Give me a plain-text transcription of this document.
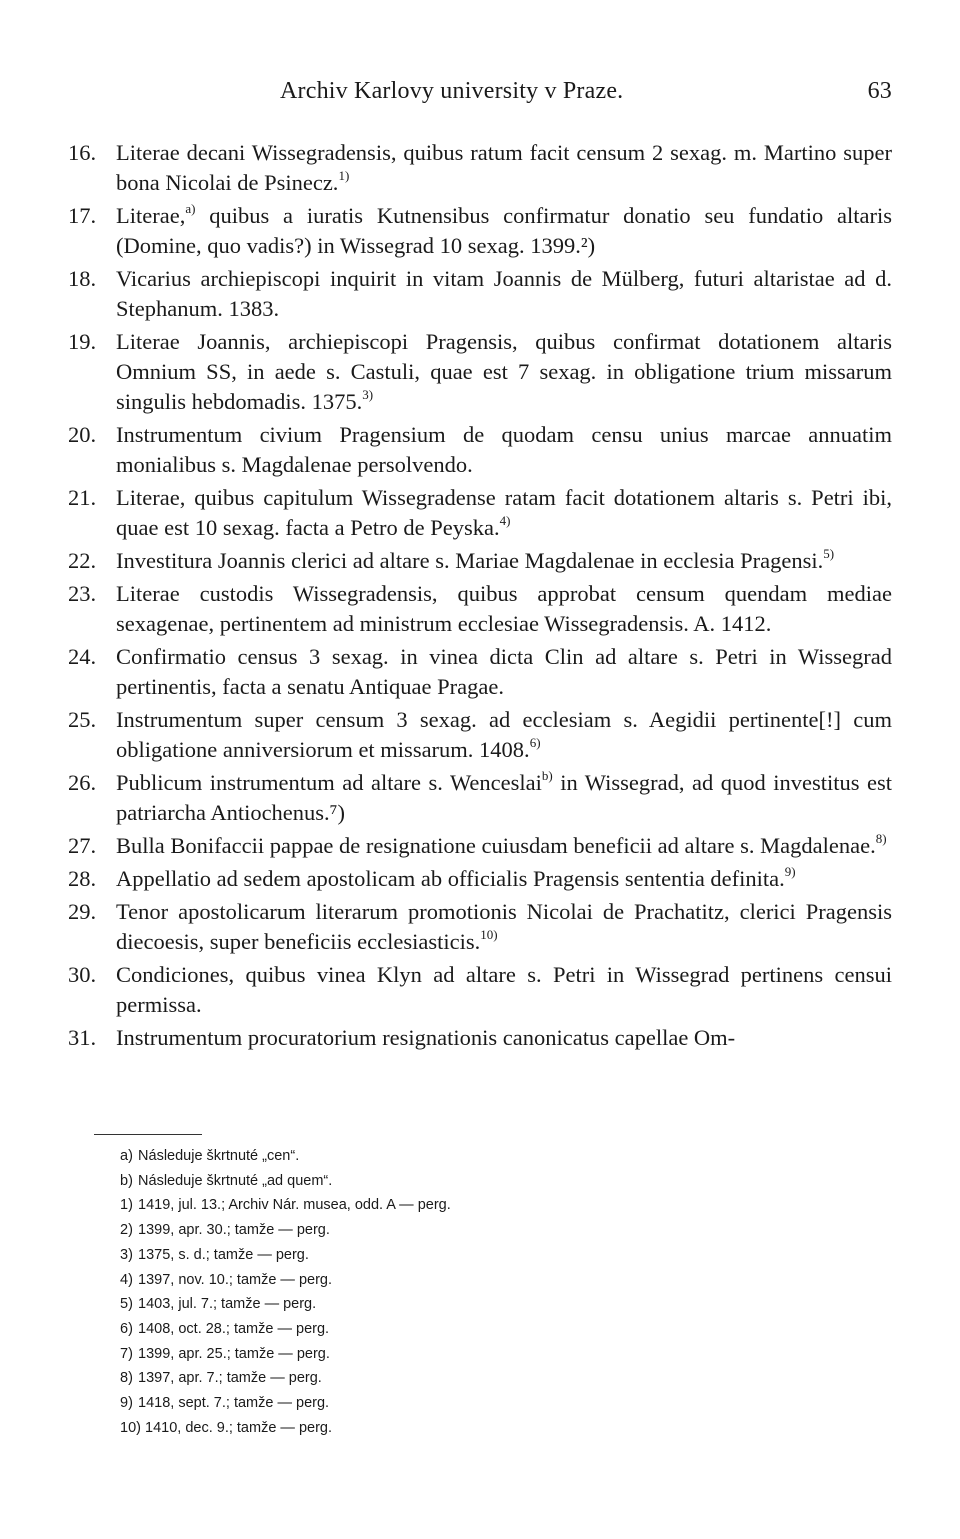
Archiv Karlovy university v Praze.	63
16. Literae decani Wissegradensis, quibus ratum facit censum 2 sexag. m. Martino super bona Nicolai de Psinecz.$^{1)}$
17. Literae,$^{a)}$ quibus a iuratis Kutnensibus confirmatur donatio seu fundatio altaris (Domine, quo vadis?) in Wissegrad 10 sexag. 1399.²)
18. Vicarius archiepiscopi inquirit in vitam Joannis de Mülberg, futuri altaristae ad d. Stephanum. 1383.
19. Literae Joannis, archiepiscopi Pragensis, quibus confirmat dotationem altaris Omnium SS, in aede s. Castuli, quae est 7 sexag. in obligatione trium missarum singulis hebdomadis. 1375.$^{3)}$
20. Instrumentum civium Pragensium de quodam censu unius marcae annuatim monialibus s. Magdalenae persolvendo.
21. Literae, quibus capitulum Wissegradense ratam facit dotationem altaris s. Petri ibi, quae est 10 sexag. facta a Petro de Peyska.$^{4)}$
22. Investitura Joannis clerici ad altare s. Mariae Magdalenae in ecclesia Pragensi.$^{5)}$
23. Literae custodis Wissegradensis, quibus approbat censum quendam mediae sexagenae, pertinentem ad ministrum ecclesiae Wissegradensis. A. 1412.
24. Confirmatio census 3 sexag. in vinea dicta Clin ad altare s. Petri in Wissegrad pertinentis, facta a senatu Antiquae Pragae.
25. Instrumentum super censum 3 sexag. ad ecclesiam s. Aegidii pertinente[!] cum obligatione anniversiorum et missarum. 1408.$^{6)}$
26. Publicum instrumentum ad altare s. Wenceslai$^{b)}$ in Wissegrad, ad quod investitus est patriarcha Antiochenus.⁷)
27. Bulla Bonifaccii pappae de resignatione cuiusdam beneficii ad altare s. Magdalenae.$^{8)}$
28. Appellatio ad sedem apostolicam ab officialis Pragensis sententia definita.$^{9)}$
29. Tenor apostolicarum literarum promotionis Nicolai de Prachatitz, clerici Pragensis diecoesis, super beneficiis ecclesiasticis.$^{10)}$
30. Condiciones, quibus vinea Klyn ad altare s. Petri in Wissegrad pertinens censui permissa.
31. Instrumentum procuratorium resignationis canonicatus capellae Om-
a) Následuje škrtnuté „cen“.
b) Následuje škrtnuté „ad quem“.
1) 1419, jul. 13.; Archiv Nár. musea, odd. A — perg.
2) 1399, apr. 30.; tamže — perg.
3) 1375, s. d.; tamže — perg.
4) 1397, nov. 10.; tamže — perg.
5) 1403, jul. 7.; tamže — perg.
6) 1408, oct. 28.; tamže — perg.
7) 1399, apr. 25.; tamže — perg.
8) 1397, apr. 7.; tamže — perg.
9) 1418, sept. 7.; tamže — perg.
10) 1410, dec. 9.; tamže — perg.
